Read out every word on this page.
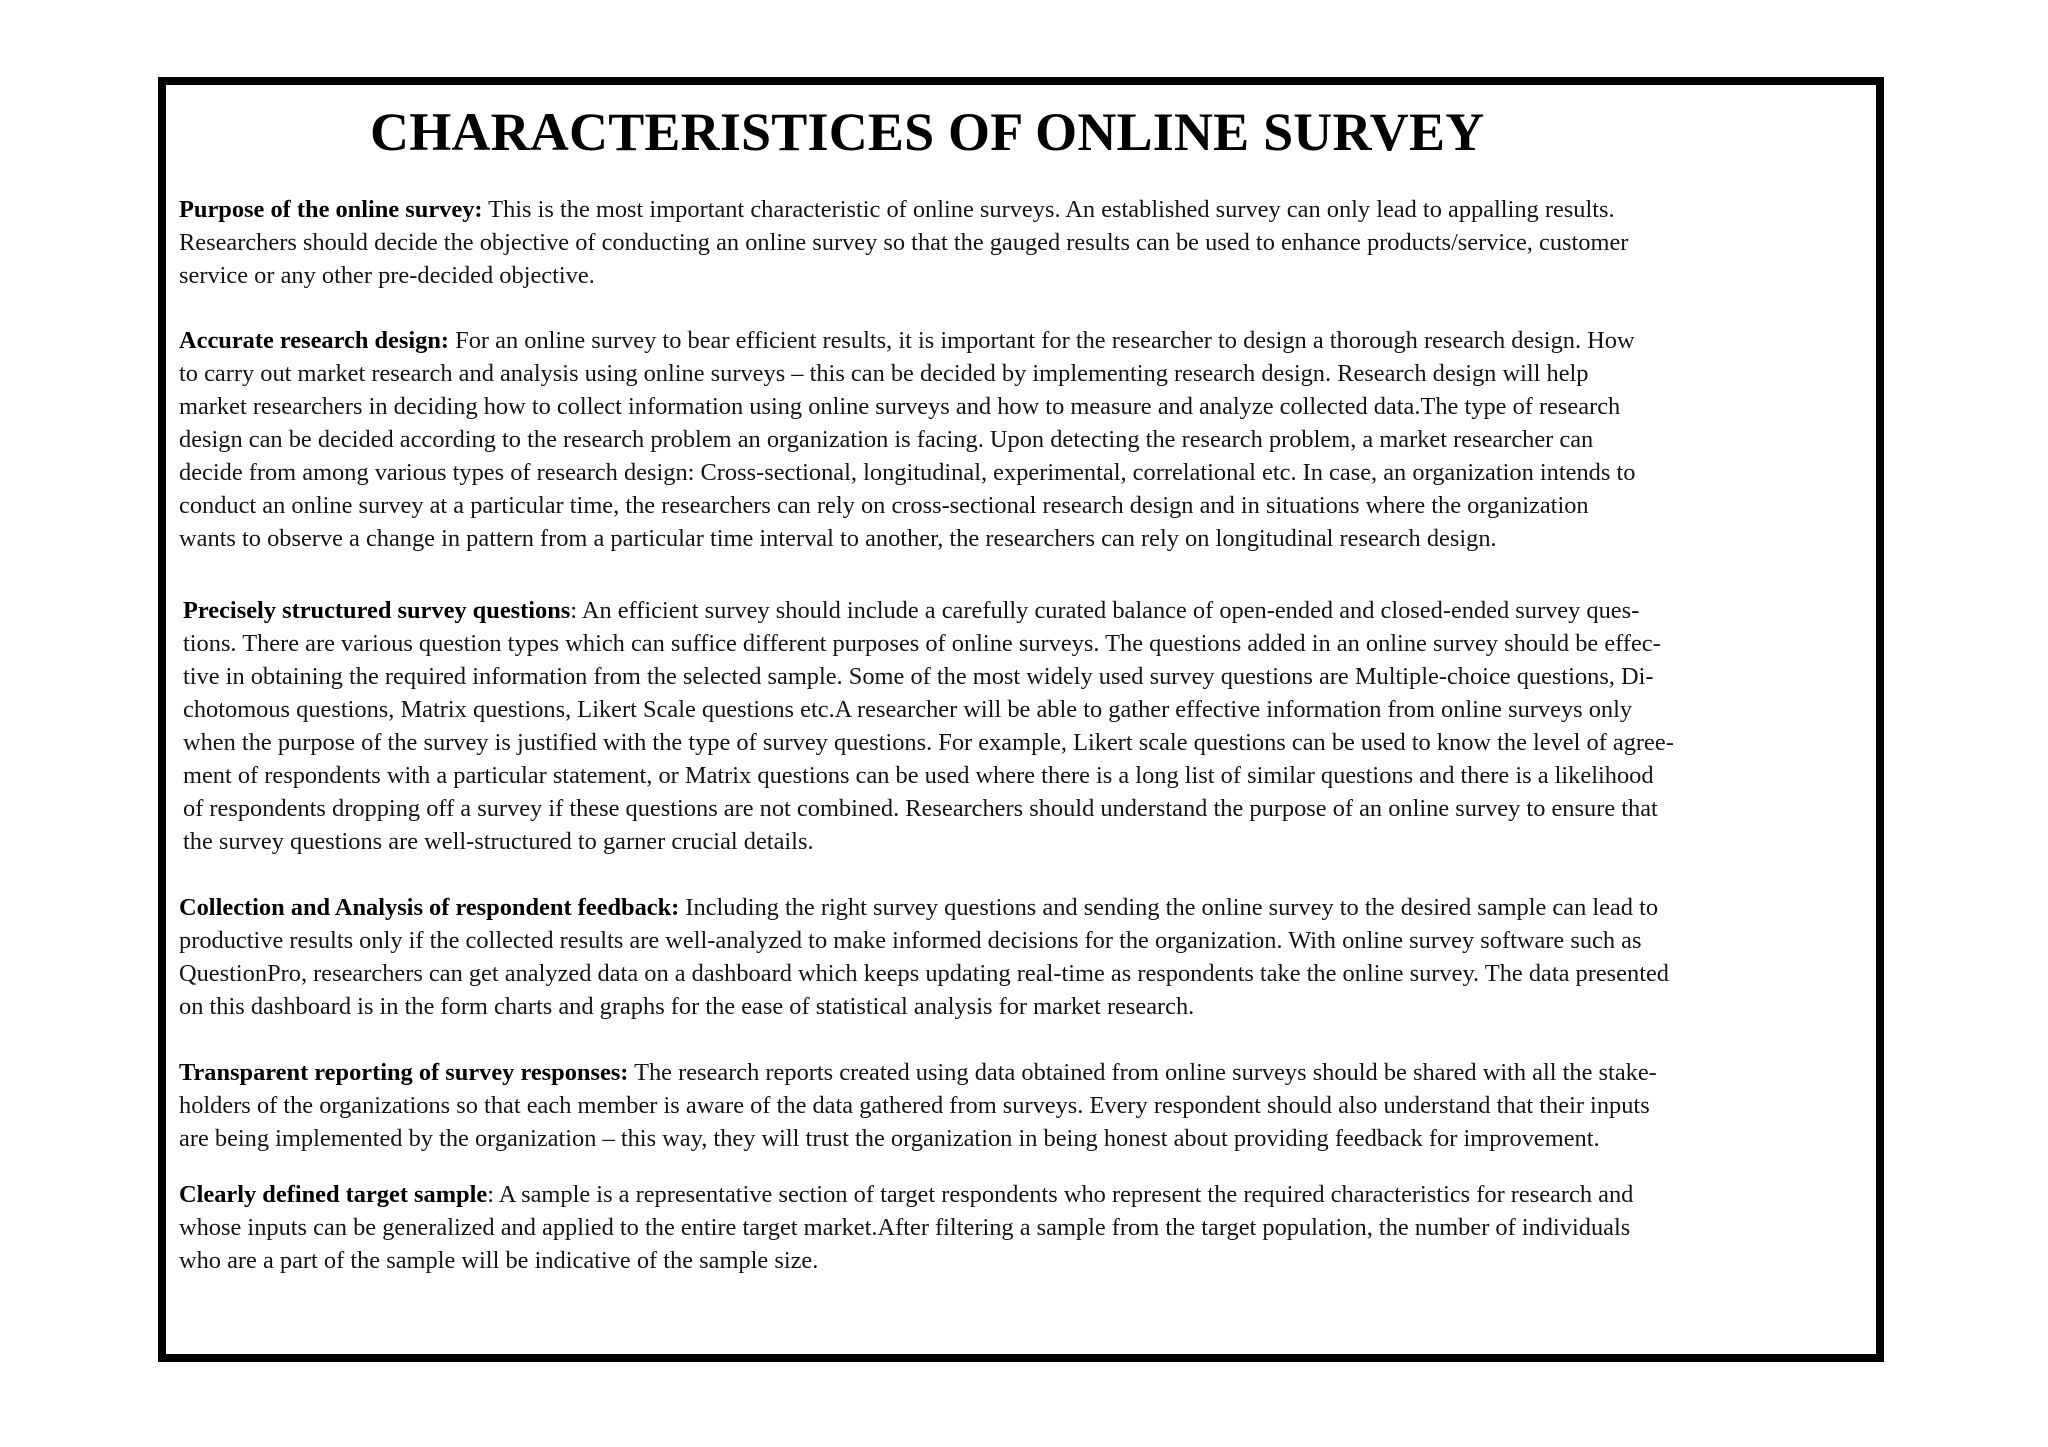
CHARACTERISTICES OF ONLINE SURVEY

Purpose of the online survey: This is the most important characteristic of online surveys. An established survey can only lead to appalling results.
Researchers should decide the objective of conducting an online survey so that the gauged results can be used to enhance products/service, customer
service or any other pre-decided objective.

Accurate research design: For an online survey to bear efficient results, it is important for the researcher to design a thorough research design. How
to carry out market research and analysis using online surveys – this can be decided by implementing research design. Research design will help
market researchers in deciding how to collect information using online surveys and how to measure and analyze collected data.The type of research
design can be decided according to the research problem an organization is facing. Upon detecting the research problem, a market researcher can
decide from among various types of research design: Cross-sectional, longitudinal, experimental, correlational etc. In case, an organization intends to
conduct an online survey at a particular time, the researchers can rely on cross-sectional research design and in situations where the organization
wants to observe a change in pattern from a particular time interval to another, the researchers can rely on longitudinal research design.

Precisely structured survey questions: An efficient survey should include a carefully curated balance of open-ended and closed-ended survey ques-
tions. There are various question types which can suffice different purposes of online surveys. The questions added in an online survey should be effec-
tive in obtaining the required information from the selected sample. Some of the most widely used survey questions are Multiple-choice questions, Di-
chotomous questions, Matrix questions, Likert Scale questions etc.A researcher will be able to gather effective information from online surveys only
when the purpose of the survey is justified with the type of survey questions. For example, Likert scale questions can be used to know the level of agree-
ment of respondents with a particular statement, or Matrix questions can be used where there is a long list of similar questions and there is a likelihood
of respondents dropping off a survey if these questions are not combined. Researchers should understand the purpose of an online survey to ensure that
the survey questions are well-structured to garner crucial details.

Collection and Analysis of respondent feedback: Including the right survey questions and sending the online survey to the desired sample can lead to
productive results only if the collected results are well-analyzed to make informed decisions for the organization. With online survey software such as
QuestionPro, researchers can get analyzed data on a dashboard which keeps updating real-time as respondents take the online survey. The data presented
on this dashboard is in the form charts and graphs for the ease of statistical analysis for market research.

Transparent reporting of survey responses: The research reports created using data obtained from online surveys should be shared with all the stake-
holders of the organizations so that each member is aware of the data gathered from surveys. Every respondent should also understand that their inputs
are being implemented by the organization – this way, they will trust the organization in being honest about providing feedback for improvement.

Clearly defined target sample: A sample is a representative section of target respondents who represent the required characteristics for research and
whose inputs can be generalized and applied to the entire target market.After filtering a sample from the target population, the number of individuals
who are a part of the sample will be indicative of the sample size.
